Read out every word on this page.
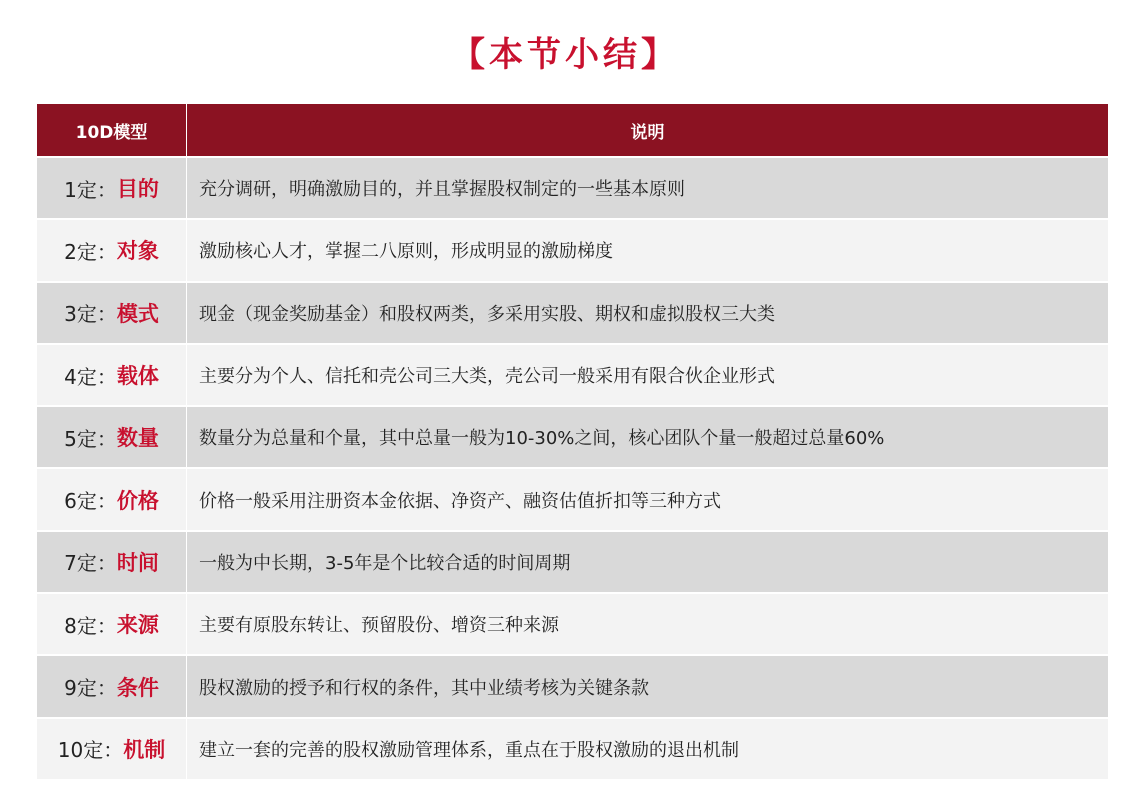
【本节小结】
10D模型	说明
1定： 目的	充分调研，明确激励目的，并且掌握股权制定的一些基本原则
2定： 对象	激励核心人才，掌握二八原则，形成明显的激励梯度
3定： 模式	现金（现金奖励基金）和股权两类，多采用实股、期权和虚拟股权三大类
4定： 载体	主要分为个人、信托和壳公司三大类，壳公司一般采用有限合伙企业形式
5定： 数量	数量分为总量和个量，其中总量一般为10-30%之间，核心团队个量一般超过总量60%
6定： 价格	价格一般采用注册资本金依据、净资产、融资估值折扣等三种方式
7定： 时间	一般为中长期，3-5年是个比较合适的时间周期
8定： 来源	主要有原股东转让、预留股份、增资三种来源
9定： 条件	股权激励的授予和行权的条件，其中业绩考核为关键条款
10定： 机制	建立一套的完善的股权激励管理体系，重点在于股权激励的退出机制
